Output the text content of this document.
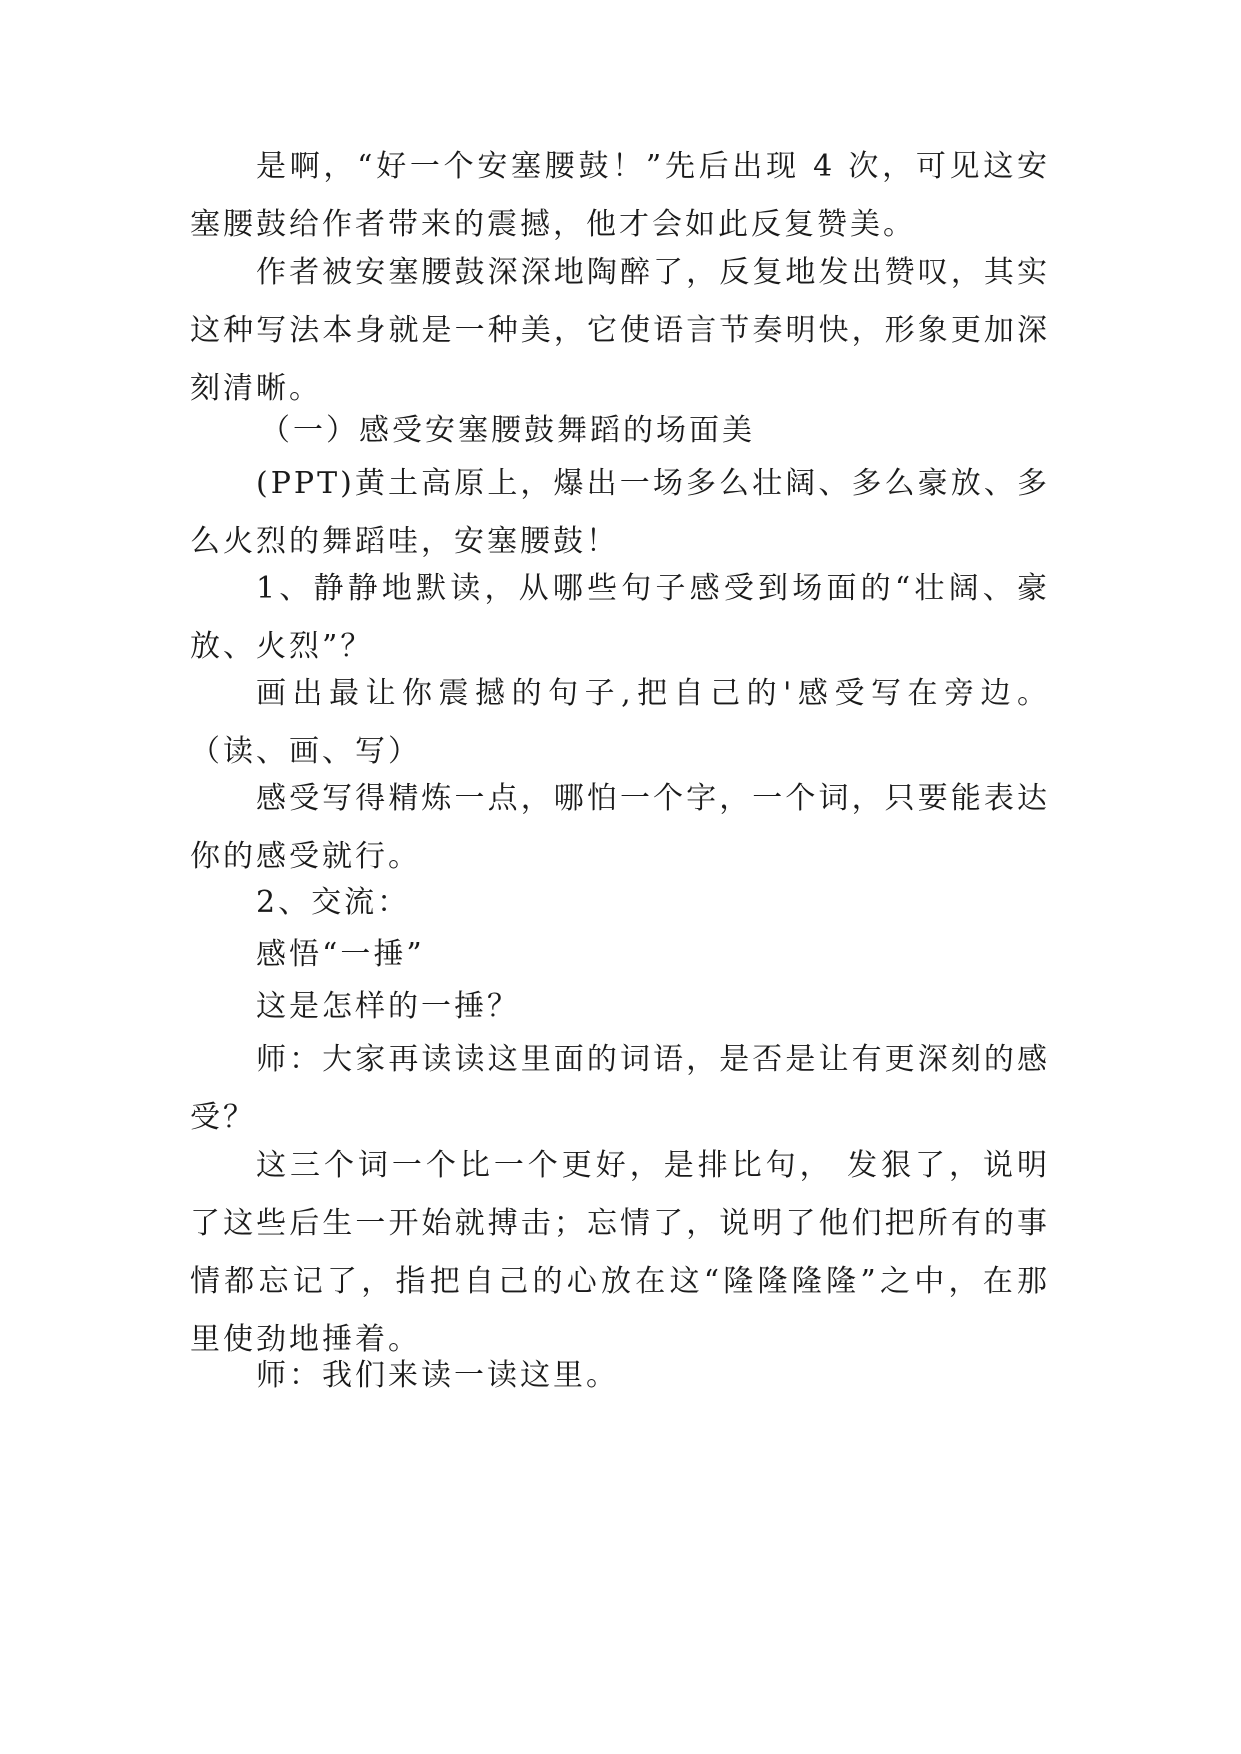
是啊，“好一个安塞腰鼓！”先后出现 4 次，可见这安塞腰鼓给作者带来的震撼，他才会如此反复赞美。

作者被安塞腰鼓深深地陶醉了，反复地发出赞叹，其实这种写法本身就是一种美，它使语言节奏明快，形象更加深刻清晰。

（一）感受安塞腰鼓舞蹈的场面美

(PPT)黄土高原上，爆出一场多么壮阔、多么豪放、多么火烈的舞蹈哇，安塞腰鼓！

1、静静地默读，从哪些句子感受到场面的“壮阔、豪放、火烈”？

画出最让你震撼的句子,把自己的'感受写在旁边。（读、画、写）

感受写得精炼一点，哪怕一个字，一个词，只要能表达你的感受就行。

2、交流：

感悟“一捶”

这是怎样的一捶？

师：大家再读读这里面的词语，是否是让有更深刻的感受？

这三个词一个比一个更好，是排比句， 发狠了，说明了这些后生一开始就搏击；忘情了，说明了他们把所有的事情都忘记了，指把自己的心放在这“隆隆隆隆”之中，在那里使劲地捶着。

师：我们来读一读这里。
